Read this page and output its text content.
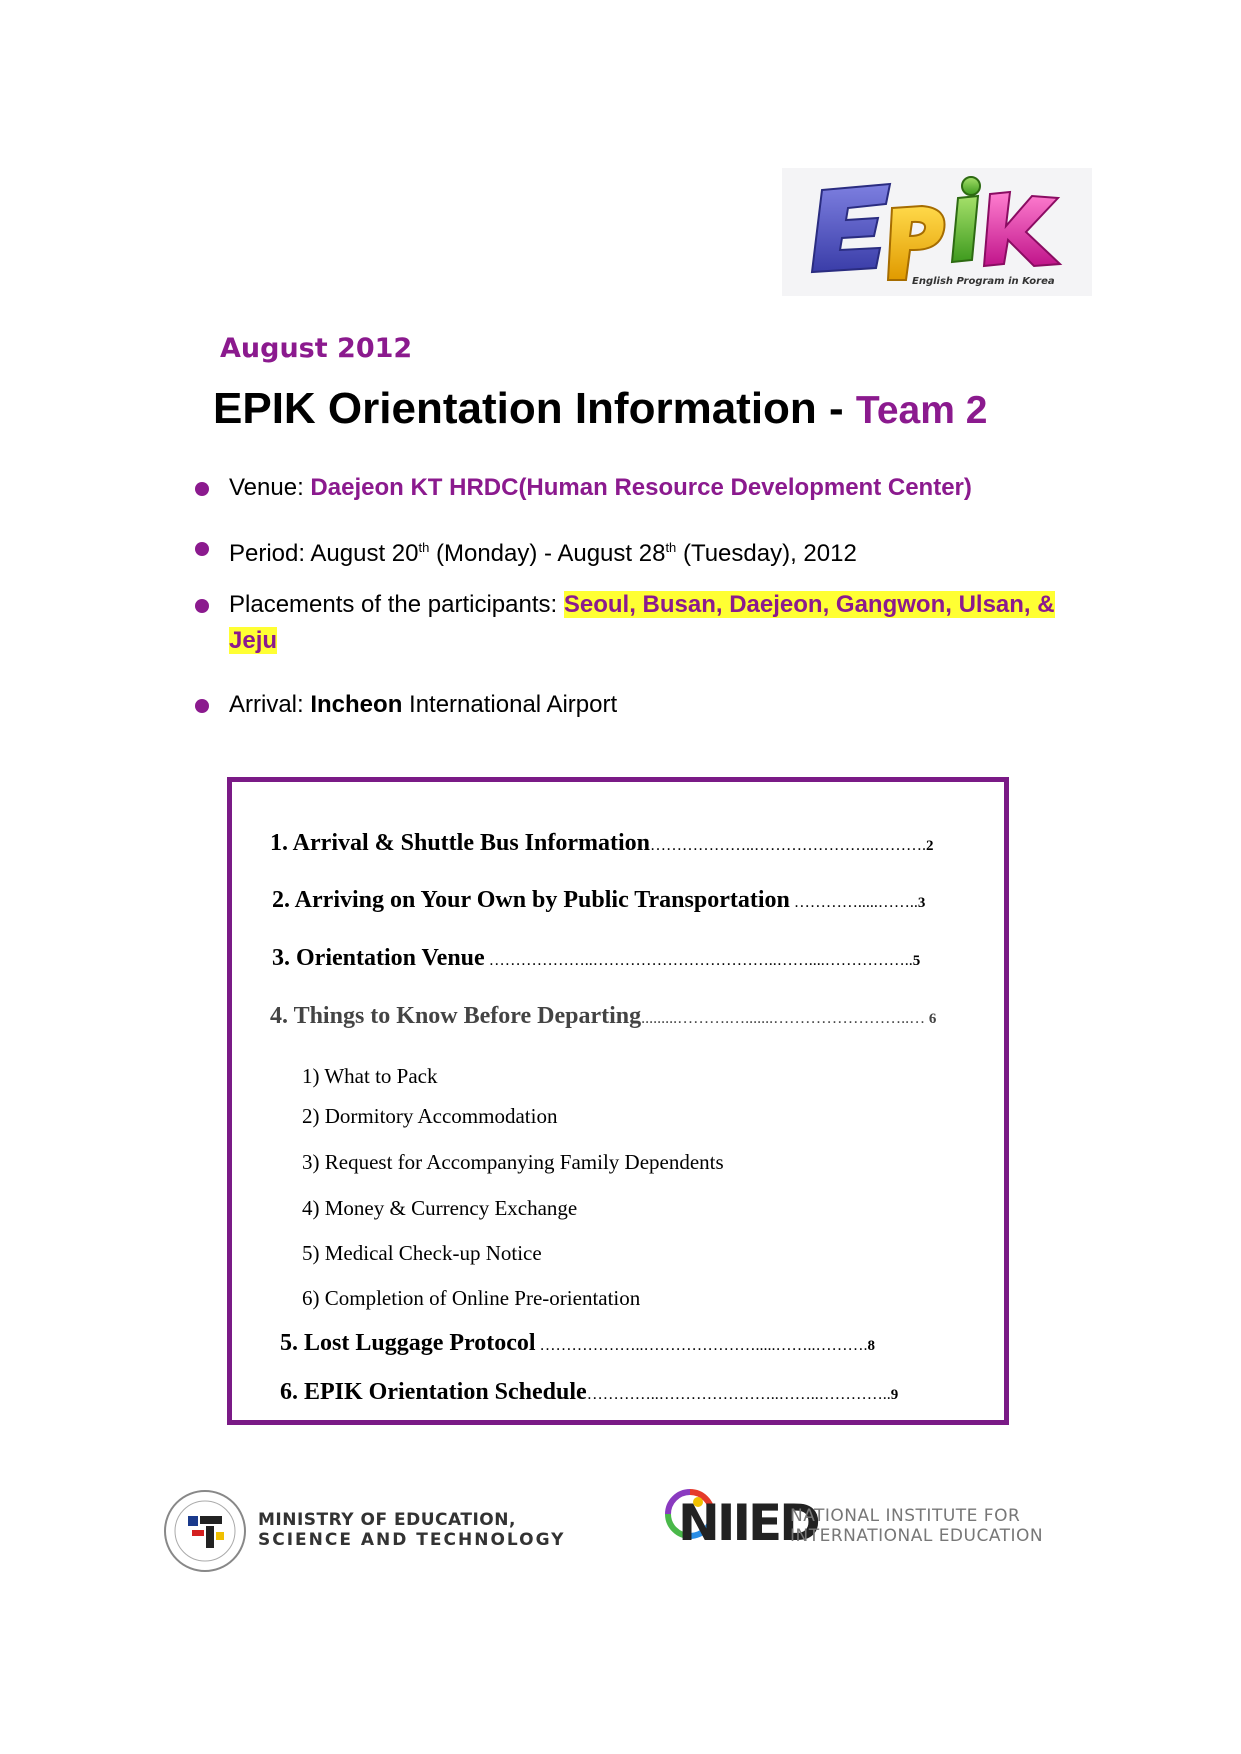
English Program in Korea
August 2012
EPIK Orientation Information - Team 2
Venue: Daejeon KT HRDC(Human Resource Development Center)
Period: August 20th (Monday) - August 28th (Tuesday), 2012
Placements of the participants: Seoul, Busan, Daejeon, Gangwon, Ulsan, &
Jeju
Arrival: Incheon International Airport
1. Arrival & Shuttle Bus Information………………..…………………..……….2
2. Arriving on Your Own by Public Transportation ………….....……..3
3. Orientation Venue ………………..……………………………..……....……………..5
4. Things to Know Before Departing.........……….….......……………………..… 6
1) What to Pack
2) Dormitory Accommodation
3) Request for Accompanying Family Dependents
4) Money & Currency Exchange
5) Medical Check-up Notice
6) Completion of Online Pre-orientation
5. Lost Luggage Protocol ………………..………………….....……..……….8
6. EPIK Orientation Schedule…………..…………………..……..…………..9
MINISTRY OF EDUCATION,
SCIENCE AND TECHNOLOGY NIIED
NATIONAL INSTITUTE FOR
INTERNATIONAL EDUCATION
